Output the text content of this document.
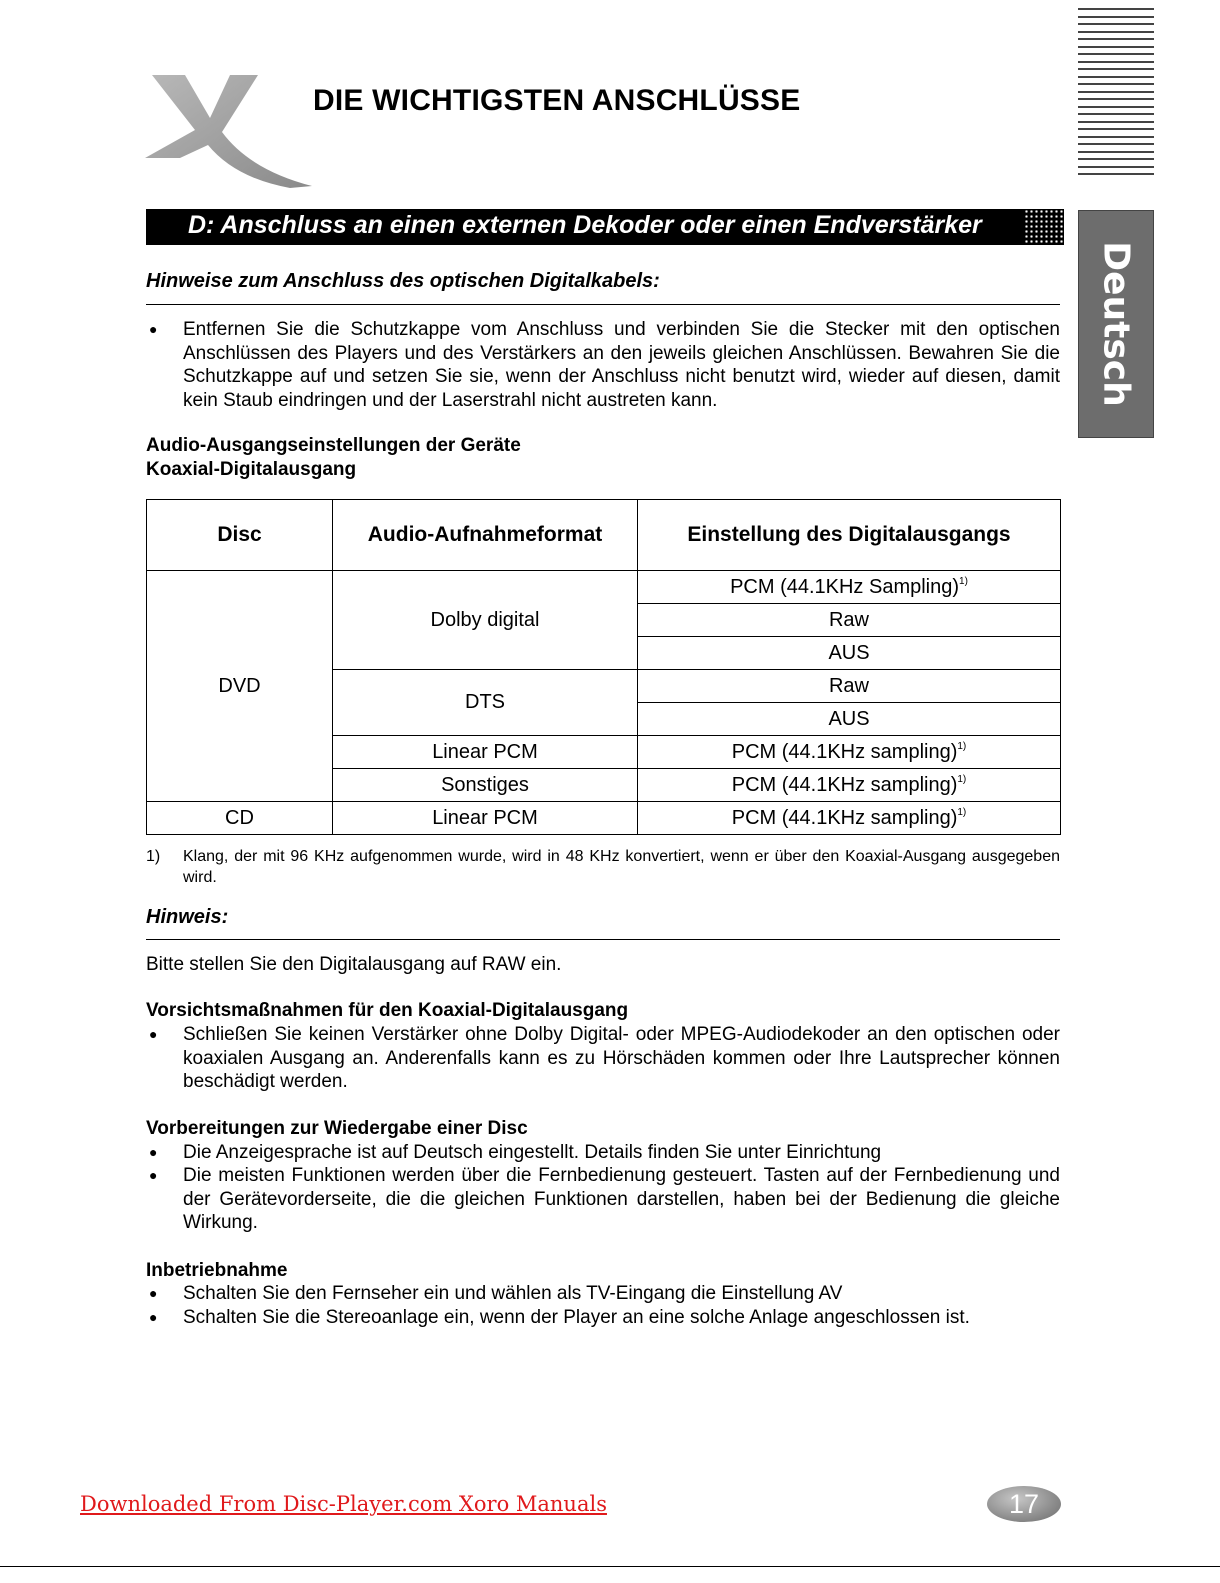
DIE WICHTIGSTEN ANSCHLÜSSE
Deutsch
D: Anschluss an einen externen Dekoder oder einen Endverstärker
Hinweise zum Anschluss des optischen Digitalkabels:
● Entfernen Sie die Schutzkappe vom Anschluss und verbinden Sie die Stecker mit den optischen Anschlüssen des Players und des Verstärkers an den jeweils gleichen Anschlüssen. Bewahren Sie die Schutzkappe auf und setzen Sie sie, wenn der Anschluss nicht benutzt wird, wieder auf diesen, damit kein Staub eindringen und der Laserstrahl nicht austreten kann.
Audio-Ausgangseinstellungen der Geräte
Koaxial-Digitalausgang
Disc	Audio-Aufnahmeformat	Einstellung des Digitalausgangs
DVD	Dolby digital	PCM (44.1KHz Sampling)$^{1)}$
		Raw
		AUS
	DTS	Raw
		AUS
	Linear PCM	PCM (44.1KHz sampling)$^{1)}$
	Sonstiges	PCM (44.1KHz sampling)$^{1)}$
CD	Linear PCM	PCM (44.1KHz sampling)$^{1)}$
1) Klang, der mit 96 KHz aufgenommen wurde, wird in 48 KHz konvertiert, wenn er über den Koaxial-Ausgang ausgegeben wird.
Hinweis:
Bitte stellen Sie den Digitalausgang auf RAW ein.
Vorsichtsmaßnahmen für den Koaxial-Digitalausgang
● Schließen Sie keinen Verstärker ohne Dolby Digital- oder MPEG-Audiodekoder an den optischen oder koaxialen Ausgang an. Anderenfalls kann es zu Hörschäden kommen oder Ihre Lautsprecher können beschädigt werden.
Vorbereitungen zur Wiedergabe einer Disc
● Die Anzeigesprache ist auf Deutsch eingestellt. Details finden Sie unter Einrichtung
● Die meisten Funktionen werden über die Fernbedienung gesteuert. Tasten auf der Fernbedienung und der Gerätevorderseite, die die gleichen Funktionen darstellen, haben bei der Bedienung die gleiche Wirkung.
Inbetriebnahme
● Schalten Sie den Fernseher ein und wählen als TV-Eingang die Einstellung AV
● Schalten Sie die Stereoanlage ein, wenn der Player an eine solche Anlage angeschlossen ist.
Downloaded From Disc-Player.com Xoro Manuals	17
